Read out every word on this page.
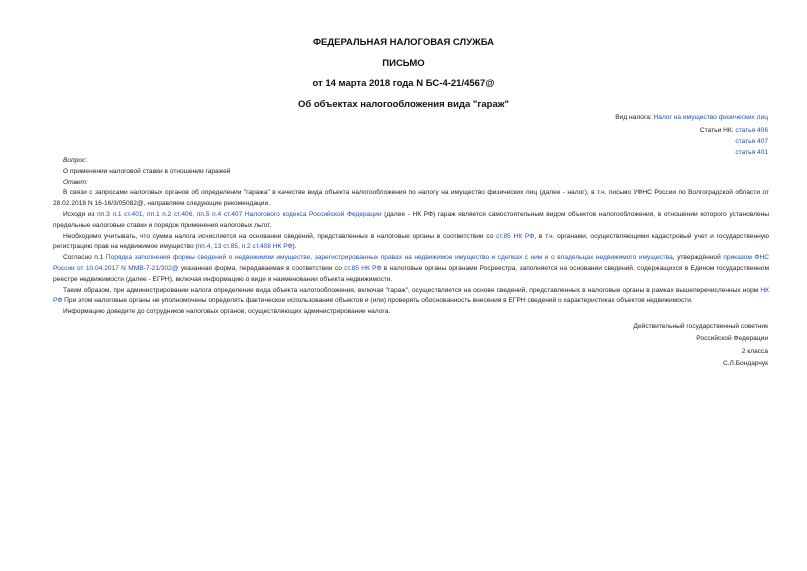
ФЕДЕРАЛЬНАЯ НАЛОГОВАЯ СЛУЖБА
ПИСЬМО
от 14 марта 2018 года N БС-4-21/4567@
Об объектах налогообложения вида "гараж"
Вид налога: Налог на имущество физических лиц
Статьи НК: статья 406
статья 407
статья 401

Вопрос:

О применении налоговой ставки в отношении гаражей

Ответ:

В связи с запросами налоговых органов об определении "гаража" в качестве вида объекта налогообложения по налогу на имущество физических лиц (далее - налог), в т.ч. письмо УФНС России по Волгоградской области от 28.02.2018 N 16-16/3/05082@, направляем следующие рекомендации.

Исходя из пп.3 п.1 ст.401, пп.1 п.2 ст.406, пп.5 п.4 ст.407 Налогового кодекса Российской Федерации (далее - НК РФ) гараж является самостоятельным видом объектов налогообложения, в отношении которого установлены предельные налоговые ставки и порядок применения налоговых льгот.

Необходимо учитывать, что сумма налога исчисляется на основании сведений, представленных в налоговые органы в соответствии со ст.85 НК РФ, в т.ч. органами, осуществляющими кадастровый учет и государственную регистрацию прав на недвижимое имущество (пп.4, 13 ст.85, п.2 ст.408 НК РФ).

Согласно п.1 Порядка заполнения формы сведений о недвижимом имуществе, зарегистрированных правах на недвижимое имущество и сделках с ним и о владельцах недвижимого имущества, утверждённой приказом ФНС России от 10.04.2017 N ММВ-7-21/302@ указанная форма, передаваемая в соответствии со ст.85 НК РФ в налоговые органы органами Росреестра, заполняется на основании сведений, содержащихся в Едином государственном реестре недвижимости (далее - ЕГРН), включая информацию о виде и наименовании объекта недвижимости.

Таким образом, при администрировании налога определение вида объекта налогообложения, включая "гараж", осуществляется на основе сведений, представленных в налоговые органы в рамках вышеперечисленных норм НК РФ При этом налоговые органы не уполномочены определять фактическое использование объектов и (или) проверять обоснованность внесения в ЕГРН сведений о характеристиках объектов недвижимости.

Информацию доведите до сотрудников налоговых органов, осуществляющих администрирование налога.

Действительный государственный советник
Российской Федерации
2 класса
С.Л.Бондарчук
